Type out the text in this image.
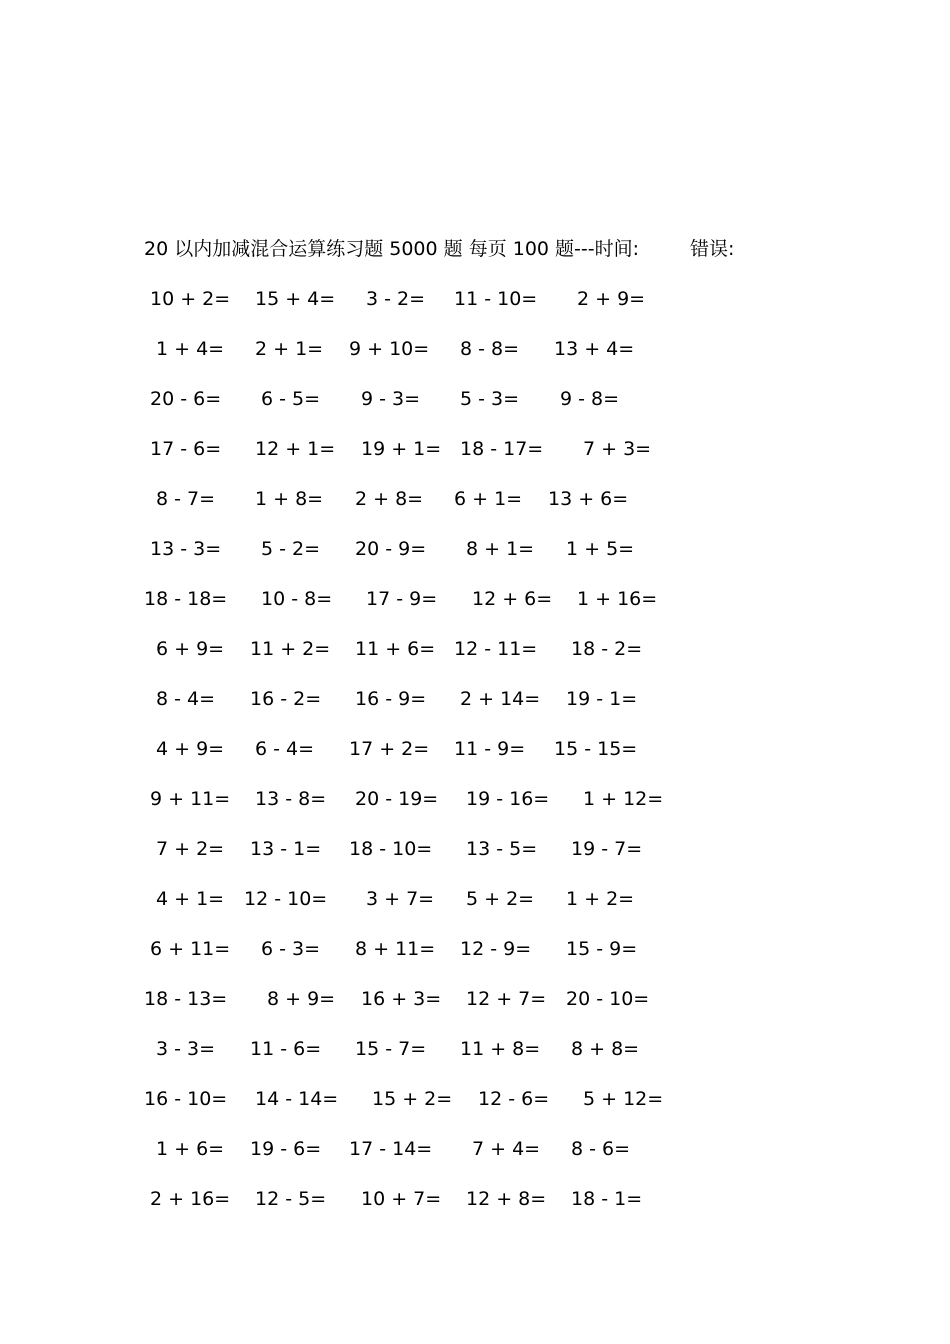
20 以内加减混合运算练习题 5000 题 每页 100 题---时间:	错误:
10 + 2= 15 + 4= 3 - 2= 11 - 10= 2 + 9=
1 + 4= 2 + 1= 9 + 10= 8 - 8= 13 + 4=
20 - 6= 6 - 5= 9 - 3= 5 - 3= 9 - 8=
17 - 6= 12 + 1= 19 + 1= 18 - 17= 7 + 3=
8 - 7= 1 + 8= 2 + 8= 6 + 1= 13 + 6=
13 - 3= 5 - 2= 20 - 9= 8 + 1= 1 + 5=
18 - 18= 10 - 8= 17 - 9= 12 + 6= 1 + 16=
6 + 9= 11 + 2= 11 + 6= 12 - 11= 18 - 2=
8 - 4= 16 - 2= 16 - 9= 2 + 14= 19 - 1=
4 + 9= 6 - 4= 17 + 2= 11 - 9= 15 - 15=
9 + 11= 13 - 8= 20 - 19= 19 - 16= 1 + 12=
7 + 2= 13 - 1= 18 - 10= 13 - 5= 19 - 7=
4 + 1= 12 - 10= 3 + 7= 5 + 2= 1 + 2=
6 + 11= 6 - 3= 8 + 11= 12 - 9= 15 - 9=
18 - 13= 8 + 9= 16 + 3= 12 + 7= 20 - 10=
3 - 3= 11 - 6= 15 - 7= 11 + 8= 8 + 8=
16 - 10= 14 - 14= 15 + 2= 12 - 6= 5 + 12=
1 + 6= 19 - 6= 17 - 14= 7 + 4= 8 - 6=
2 + 16= 12 - 5= 10 + 7= 12 + 8= 18 - 1=
